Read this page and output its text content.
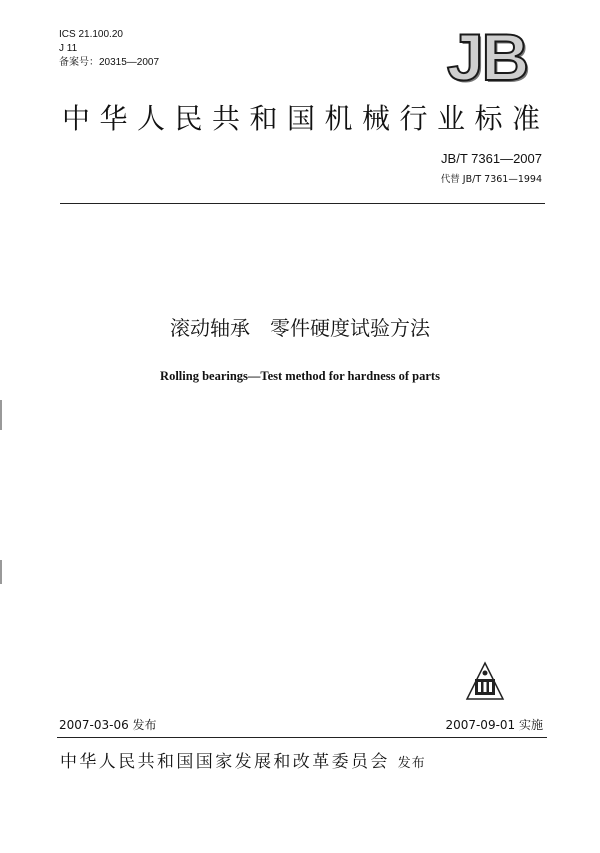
ICS 21.100.20
J 11
备案号：20315—2007	JB
中华人民共和国机械行业标准
JB/T 7361—2007
代替 JB/T 7361—1994
滚动轴承　零件硬度试验方法
Rolling bearings—Test method for hardness of parts
2007-03-06 发布	2007-09-01 实施
中华人民共和国国家发展和改革委员会 发布
